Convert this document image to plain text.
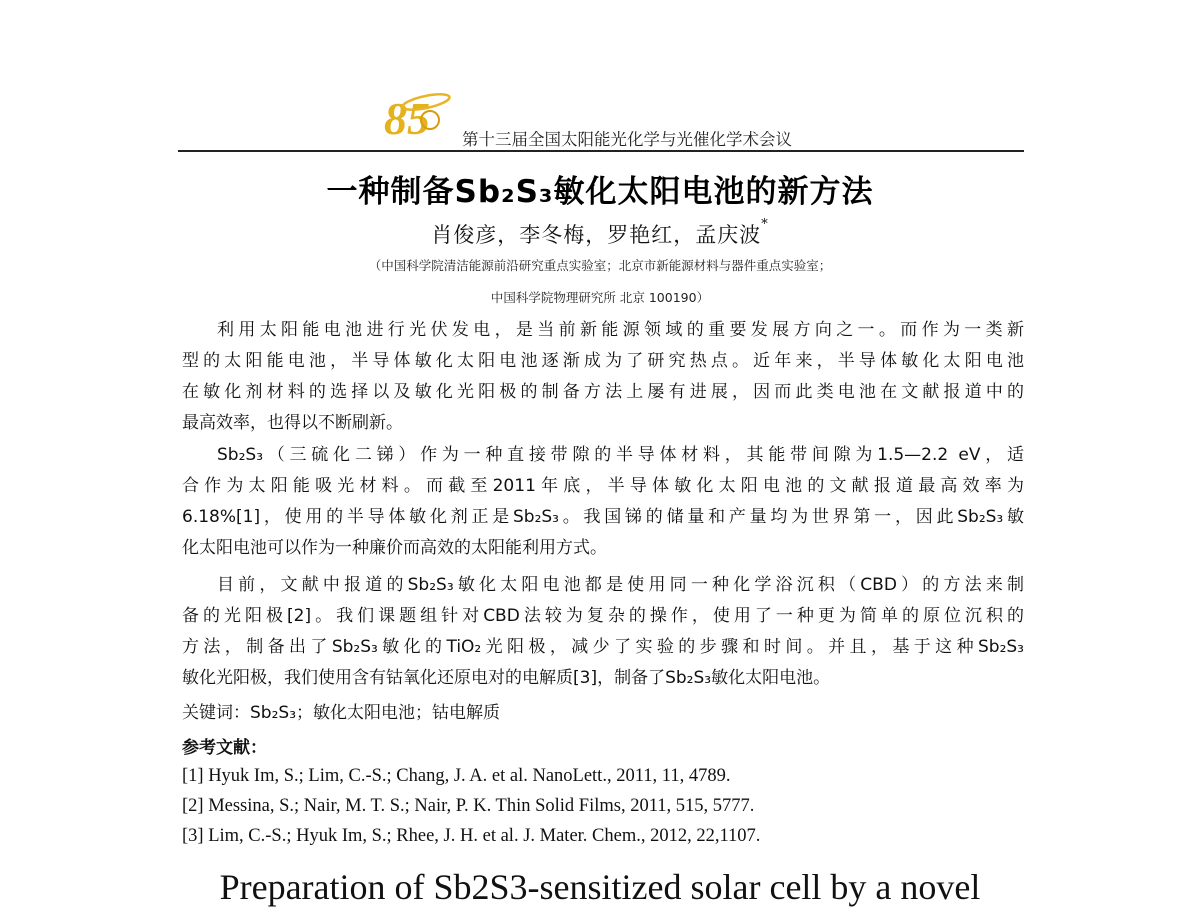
85 第十三届全国太阳能光化学与光催化学术会议
一种制备Sb₂S₃敏化太阳电池的新方法
肖俊彦，李冬梅，罗艳红，孟庆波*
（中国科学院清洁能源前沿研究重点实验室；北京市新能源材料与器件重点实验室；
中国科学院物理研究所 北京 100190）
利用太阳能电池进行光伏发电，是当前新能源领域的重要发展方向之一。而作为一类新
型的太阳能电池，半导体敏化太阳电池逐渐成为了研究热点。近年来，半导体敏化太阳电池
在敏化剂材料的选择以及敏化光阳极的制备方法上屡有进展，因而此类电池在文献报道中的
最高效率，也得以不断刷新。
Sb₂S₃（三硫化二锑）作为一种直接带隙的半导体材料，其能带间隙为1.5—2.2 eV，适
合作为太阳能吸光材料。而截至2011年底，半导体敏化太阳电池的文献报道最高效率为
6.18%[1]，使用的半导体敏化剂正是Sb₂S₃。我国锑的储量和产量均为世界第一，因此Sb₂S₃敏
化太阳电池可以作为一种廉价而高效的太阳能利用方式。
目前，文献中报道的Sb₂S₃敏化太阳电池都是使用同一种化学浴沉积（CBD）的方法来制
备的光阳极[2]。我们课题组针对CBD法较为复杂的操作，使用了一种更为简单的原位沉积的
方法，制备出了Sb₂S₃敏化的TiO₂光阳极，减少了实验的步骤和时间。并且，基于这种Sb₂S₃
敏化光阳极，我们使用含有钴氧化还原电对的电解质[3]，制备了Sb₂S₃敏化太阳电池。
关键词：Sb₂S₃；敏化太阳电池；钴电解质
参考文献：
[1] Hyuk Im, S.; Lim, C.-S.; Chang, J. A. et al. NanoLett., 2011, 11, 4789.
[2] Messina, S.; Nair, M. T. S.; Nair, P. K. Thin Solid Films, 2011, 515, 5777.
[3] Lim, C.-S.; Hyuk Im, S.; Rhee, J. H. et al. J. Mater. Chem., 2012, 22,1107.
Preparation of Sb2S3-sensitized solar cell by a novel
